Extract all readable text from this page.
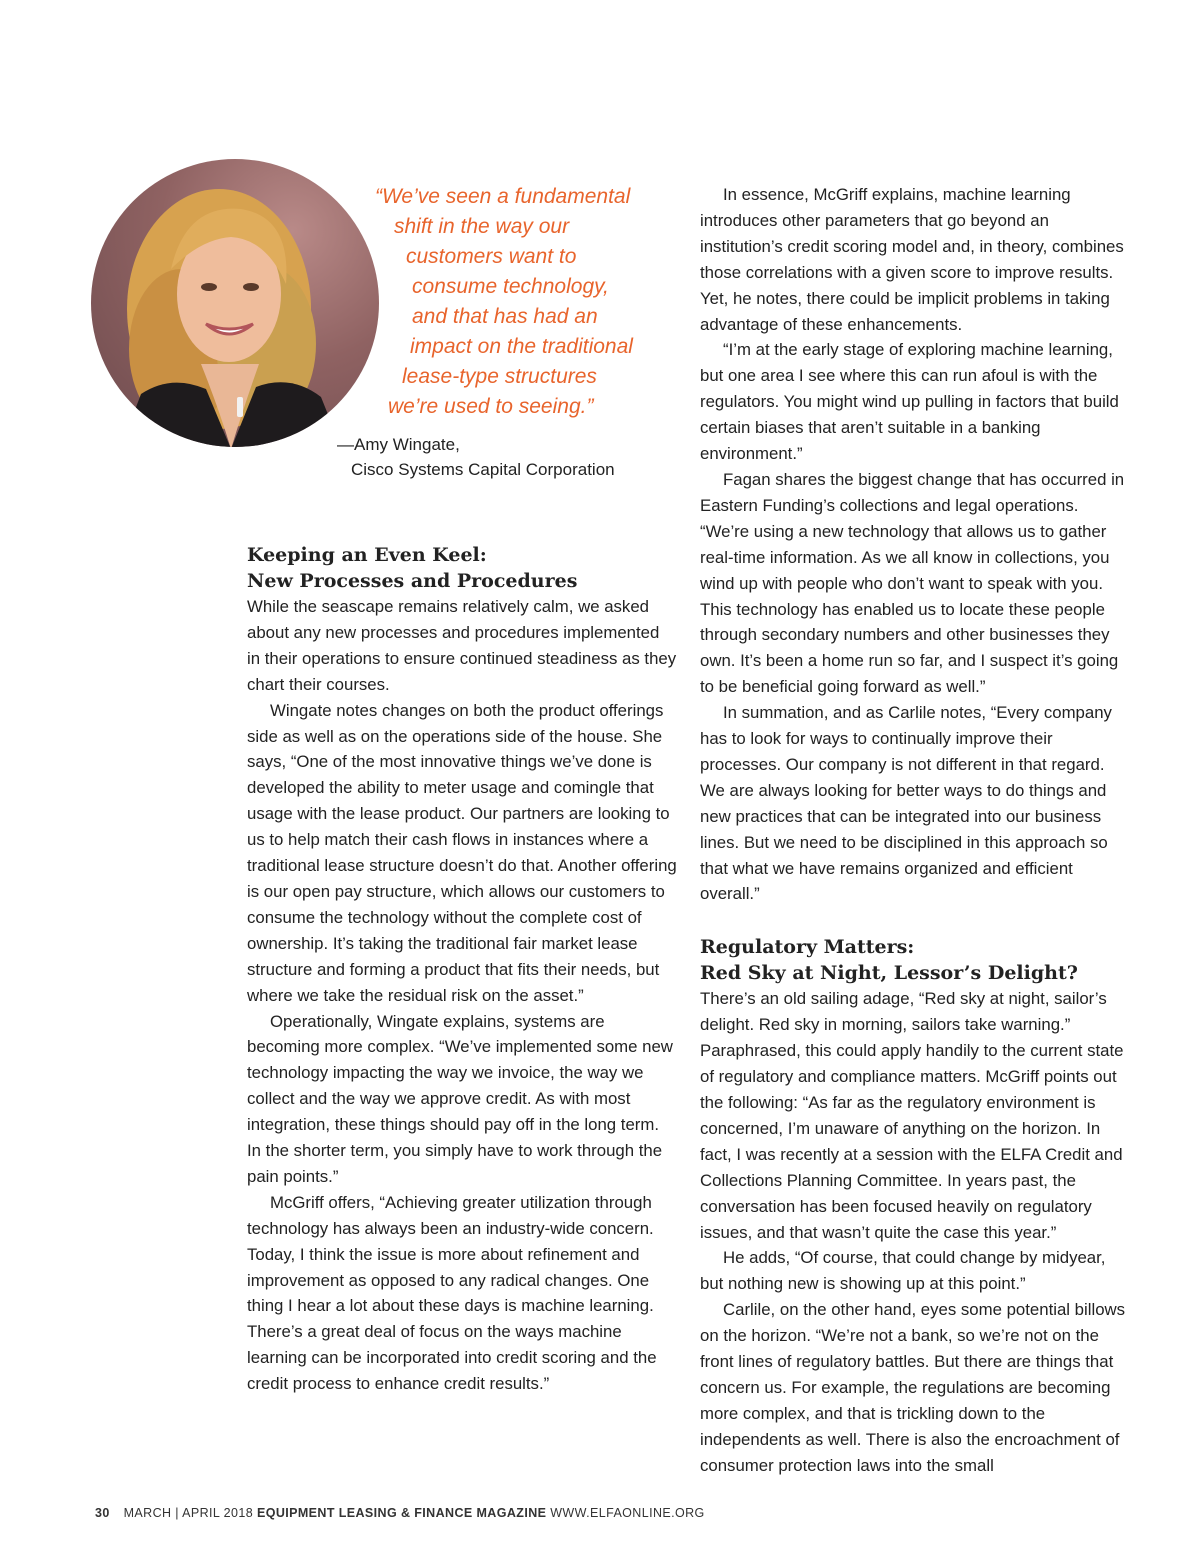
“We’ve seen a fundamental
shift in the way our
customers want to
consume technology,
and that has had an
impact on the traditional
lease-type structures
we’re used to seeing.”
—Amy Wingate,
Cisco Systems Capital Corporation
Keeping an Even Keel:
New Processes and Procedures

While the seascape remains relatively calm, we asked about any new processes and procedures implemented in their operations to ensure continued steadiness as they chart their courses.

Wingate notes changes on both the product offerings side as well as on the operations side of the house. She says, “One of the most innovative things we’ve done is developed the ability to meter usage and comingle that usage with the lease product. Our partners are looking to us to help match their cash flows in instances where a traditional lease structure doesn’t do that. Another offering is our open pay structure, which allows our customers to consume the technology without the complete cost of ownership. It’s taking the traditional fair market lease structure and forming a product that fits their needs, but where we take the residual risk on the asset.”

Operationally, Wingate explains, systems are becoming more complex. “We’ve implemented some new technology impacting the way we invoice, the way we collect and the way we approve credit. As with most integration, these things should pay off in the long term. In the shorter term, you simply have to work through the pain points.”

McGriff offers, “Achieving greater utilization through technology has always been an industry-wide concern. Today, I think the issue is more about refinement and improvement as opposed to any radical changes. One thing I hear a lot about these days is machine learning. There’s a great deal of focus on the ways machine learning can be incorporated into credit scoring and the credit process to enhance credit results.”

In essence, McGriff explains, machine learning introduces other parameters that go beyond an institution’s credit scoring model and, in theory, combines those correlations with a given score to improve results. Yet, he notes, there could be implicit problems in taking advantage of these enhancements.

“I’m at the early stage of exploring machine learning, but one area I see where this can run afoul is with the regulators. You might wind up pulling in factors that build certain biases that aren’t suitable in a banking environment.”

Fagan shares the biggest change that has occurred in Eastern Funding’s collections and legal operations. “We’re using a new technology that allows us to gather real-time information. As we all know in collections, you wind up with people who don’t want to speak with you. This technology has enabled us to locate these people through secondary numbers and other businesses they own. It’s been a home run so far, and I suspect it’s going to be beneficial going forward as well.”

In summation, and as Carlile notes, “Every company has to look for ways to continually improve their processes. Our company is not different in that regard. We are always looking for better ways to do things and new practices that can be integrated into our business lines. But we need to be disciplined in this approach so that what we have remains organized and efficient overall.”

Regulatory Matters:
Red Sky at Night, Lessor’s Delight?

There’s an old sailing adage, “Red sky at night, sailor’s delight. Red sky in morning, sailors take warning.” Paraphrased, this could apply handily to the current state of regulatory and compliance matters. McGriff points out the following: “As far as the regulatory environment is concerned, I’m unaware of anything on the horizon. In fact, I was recently at a session with the ELFA Credit and Collections Planning Committee. In years past, the conversation has been focused heavily on regulatory issues, and that wasn’t quite the case this year.”

He adds, “Of course, that could change by midyear, but nothing new is showing up at this point.”

Carlile, on the other hand, eyes some potential billows on the horizon. “We’re not a bank, so we’re not on the front lines of regulatory battles. But there are things that concern us. For example, the regulations are becoming more complex, and that is trickling down to the independents as well. There is also the encroachment of consumer protection laws into the small

30 MARCH | APRIL 2018 EQUIPMENT LEASING & FINANCE MAGAZINE WWW.ELFAONLINE.ORG
